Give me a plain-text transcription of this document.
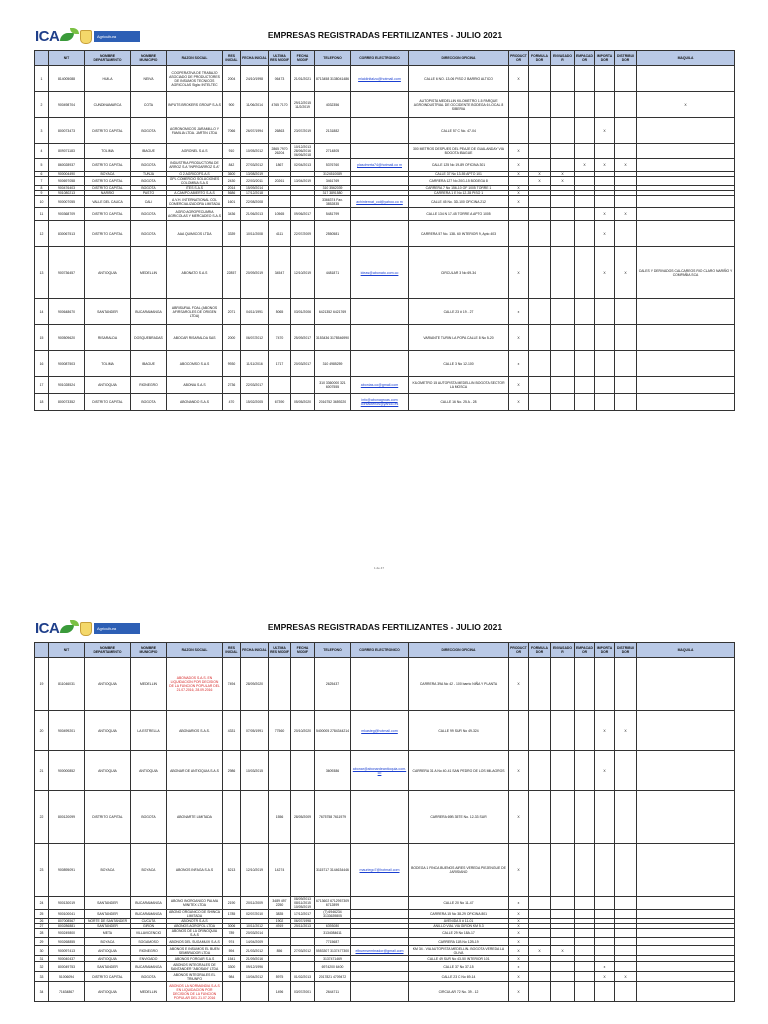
ICA	Agricultura	EMPRESAS REGISTRADAS FERTILIZANTES - JULIO 2021
	NIT	NOMBRE DEPARTAMENTO	NOMBRE MUNICIPIO	RAZON SOCIAL	RES INICIAL	FECHA INICIAL	ULTIMA RES MODIF	FECHA MODIF	TELEFONO	CORREO ELECTRONICO	DIRECCION OFICINA	PRODUCTOR	FORMULADOR	ENVASADOR	EMPACADOR	IMPORTADOR	DISTRIBUIDOR	MAQUILA
1	814005088	HUILA	NEIVA	COOPERATIVA DE TRABAJO ASOCIADO DE PRODUCTORES DE INSUMOS TECNICOS AGRICOLAS Sigla: INTELTEC	2004	24/10/1998	06473	21/01/2021	8713458 3138041486	mlaldinltalzu@hotmail.com	CALLE 6 NO. 13-06 PISO 2 BARRIO ALTICO	X						
2	900498704	CUNDINAMARCA	COTA	INPUTS BROKERS GROUP S.A.S	900	11/06/2014	4765 7170	29/12/2015 11/2/2019	4032356		AUTOPISTA MEDELLIN KILOMETRO 1.5 PARQUE AGROINDUSTRIAL DE OCCIDENTE BODEGA 6 LOCAL 8 SIBERIA							X
3	800073473	DISTRITO CAPITAL	BOGOTA	AGRONOMICOS JARAMILLO Y FAMILIA LTDA. JARTIN LTDA	7066	26/07/1994	26863	23/07/2019	2131882		CALLE 57 C No. 47-04					X		
4	809071183	TOLIMA	IBAGUE	AGRONEL S.A.S	910	10/05/2012	2865 7970 26204	10/12/2013 28/06/2016 06/06/2018	2714805		300 METROS DESPUES DEL PEAJE DE GUALANDAY VIA BOGOTA IBAGUE	X						
5	860028937	DISTRITO CAPITAL	BOGOTA	INDUSTRIA PRODUCTORA DE ARROZ S.A "INPROARROZ S.A"	842	27/03/2012	1867	02/04/2013	5376760	plasdmrrta74@hotmail.co m	CALLE 125 No 19-89 OFICINA 301	X			X	X	X	
6	900004490	BOYACA	TUNJA	G 2 AGRICOFS.A.S	3600	13/08/2019			3124510089		CALLE 37 No 13-55 APTO 101	X	X	X				
7	900697058	DISTRITO CAPITAL	BOGOTA	GPL COMERCIO SOLUCIONES COLOMBIA S.A.S	2430	22/03/2011	20261	13/04/2019	3461769		CARRERA 127 No 20G-15 BODEGA 8		X	X				
8	900476403	DISTRITO CAPITAL	BOGOTA	ITES S.A.S	2014	15/09/2014			310 3562039		CARRERA 7 No 156-10 OF 1005 TORRE 1	X						
9	901080213	NARIÑO	PASTO	A CAMPO ABIERTO S.A.S	5686	17/12/2018			317 3891580		CARRERA 1 E No 12-35 PISO 1	X						
10	900007055	VALLE DEL CAUCA	CALI	A.V.H. INTERNATIONAL COL COMERCIALIZADORA LIMITADA	1601	22/08/2008			3366374 Fax. 3852835	avhinternat_col@yahoo.co m	CALLE 45 No. 3D-100 OFICINA 212	X						
11	900368709	DISTRITO CAPITAL	BOGOTA	AGRO AGROPECUARIA AGRICOLAS Y MERCADEO S.A.S	3436	21/06/2013	10565	09/06/2017	5481799		CALLE 134 N 17-45 TORRE A APTO 1005					X	X	
12	830067513	DISTRITO CAPITAL	BOGOTA	AAA QUIMICOS LTDA	3339	10/11/2008	4111	22/07/2009	2550581		CARRERA 57 No. 138- 60 INTERIOR 9, Apto 403					X		
13	900736457	ANTIOQUIA	MEDELLIN	ABONATO S.A.S	22857	20/09/2019	34547	12/10/2019	4481871	ideas@abonato.com.co	CIRCULAR 3 No 69-34	X				X	X	CALES Y DERIVADOS CALCAREOS RIO CLARO NARIÑO Y COMPAÑIA SCA
14	900648670	SANTANDER	BUCARAMANGA	ABRISURAL FOAL (ABONOS AFIRSAROLES DE ORIGEN LTDA)	2071	04/11/1991	5065	03/01/2006	6421352 6421769		CALLE 23 # 19 - 27	x						
15	900509620	RISARALDA	DOSQUEBRADAS	ABOCAR RISARALDA SAS	2000	06/07/2012	7470	25/09/2017	3153436 3178546990		VARIANTE TURIN LA POPA CALLE 8 No 5-20	X						
16	900087503	TOLIMA	IBAGUE	ABOCOMSO S.A.S	9930	11/11/2016	1717	20/03/2017	310 4985259		CALLE 3 No 12-100	x						
17	901028524	ANTIOQUIA	RIONEGRO	ABONIA S.A.S	2736	22/03/2017			310 3360000 321 6007555	abonias.co@gmail.com	KILOMETRO 15 AUTOPISTA MEDELLIN BOGOTA SECTOR LA MOSCA	X						
18	800073352	DISTRITO CAPITAL	BOGOTA	ABONANDO S.A.S	470	15/02/2005	67390	05/05/2020	2016752 3659220	info@abonagroas.com contactenos@yahoo.es	CALLE 16 No. 25 A - 28	X						
1 de 47
ICA	Agricultura	EMPRESAS REGISTRADAS FERTILIZANTES - JULIO 2021
	NIT	NOMBRE DEPARTAMENTO	NOMBRE MUNICIPIO	RAZON SOCIAL	RES INICIAL	FECHA INICIAL	ULTIMA RES MODIF	FECHA MODIF	TELEFONO	CORREO ELECTRONICO	DIRECCION OFICINA	PRODUCTOR	FORMULADOR	ENVASADOR	EMPACADOR	IMPORTADOR	DISTRIBUIDOR	MAQUILA
19	811046031	ANTIOQUIA	MEDELLIN	ABONADOS S.A.S. EN LIQUIDACION POR DECISION DE LA FUNCION POPULAR DEL 21.07.2016, 28.09.2016	7494	28/09/2020			2625437		CARRERA 39A No 42 - 100 barrio NIÑA Y PLANTA	X						
20	900499201	ANTIOQUIA	LA ESTRELLA	ABONARIOS S.A.S.	4331	07/05/1991	77560	20/10/2020	5400005 2784344214	mkasteg@hotmail.com	CALLE 99 SUR No 49-324					X	X	
21	900000852	ANTIOQUIA	ANTIOQUIA	ABONAR DE ANTIOQUIA S.A.S	2986	10/03/2015			3609386	abonar@abonardeantioquia.com.co	CARRERA 31 A No 40-41 SAN PEDRO DE LOS MILAGROS	X				X		
22	800120099	DISTRITO CAPITAL	BOGOTA	ABONARTE LIMITADA			1556	28/05/2009	7675758 7611979		CARRERA 69B 35TE No. 12-33 SUR	X						
23	900895091	BOYACA	BOYACA	ABONOS INFAGA S.A.S	5213	12/10/2019	14274		3115717 3144634446	mauriego7@hotmail.com	BODEGA 1 FINCA BUENOS AIRES VEREDA PIEJENGUE DE JARISIANO	X						
24	900130019	SANTANDER	BUCARAMANGA	ABONO INORGANICO PALMA MINITEX LTDA	2190	20/11/2009	3489 497 2250	08/09/2013 08/11/2015 10/05/2019	6713602 6712957309 6712899		CALLE 20 No 11-47	x						
25	900100041	SANTANDER	BUCARAMANGA	ABONO ORGANICO DE SHINCA LIMITADA	1785	02/07/2010	3835	17/12/2017	(7) 6946234 3133639805		CARRERA 15 No 38-29 OFICINA 801	X						
26	807008567	NORTE DE SANTANDER	CUCUTA	ABONOTR S.A.S			1902	06/07/1998			AVENIDA 5 # 11-01	X						
27	800286881	SANTANDER	GIRON	ABONOS AGROFOL LTDA	3006	10/11/2012	4919	25/11/2013	6393080		ANILLO VIAL VIA GIRON KM 5.3	X						
28	900249800	META	VILLAVICENCIO	ABONOS DE LA ORINOQUIA S.A.S	789	20/03/2014			3134084611		CALLE 29 No 18A-17	X						
29	900268855	BOYACA	SOGAMOSO	ABONOS DEL SUGAMUXI S.A.S	974	14/04/2009			7715687		CARRERA 11B No 12B-19	X						
30	900097413	ANTIOQUIA	RIONEGRO	ABONOS E INSUMOS EL BUEN SEMBRADOR LTDA	594	21/03/2012	856	27/03/2012	5553307 3137477300	elbuensembrador@gmail.com	KM 34 - VIA AUTOPISTA MEDELLIN- BOGOTA VEREDA LA OLIVA	X	X	X				
31	900040437	ANTIOQUIA	ENVIGADO	ABONOS FORGAR S.A.S	1541	21/09/2016			3137471469		CALLE 49 SUR No 43-50 INTERIOR 101	X						
32	800049753	SANTANDER	BUCARAMANGA	ABONOS INTEGRALES DE SANTANDER "ABOSAN" LTDA	3300	09/12/1996			6974200 6400		CALLE 37 No 37-15	x				x		
33	51006094	DISTRITO CAPITAL	BOGOTA	ABONOS INTEGRALES EL TRIUNFO	984	10/04/2012	5975	01/02/2013	2017821 4709472		CALLE 23 C No 69-14	X				X	X	
34	71634867	ANTIOQUIA	MEDELLIN	ABONOS LA NORMANDIA S.A.S EN LIQUIDACION POR DECISION DE LA FUNCION POPULAR DEL 21.07.2016			1496	03/07/2001	2644711		CIRCULAR 72 No. 39 - 12	X						
